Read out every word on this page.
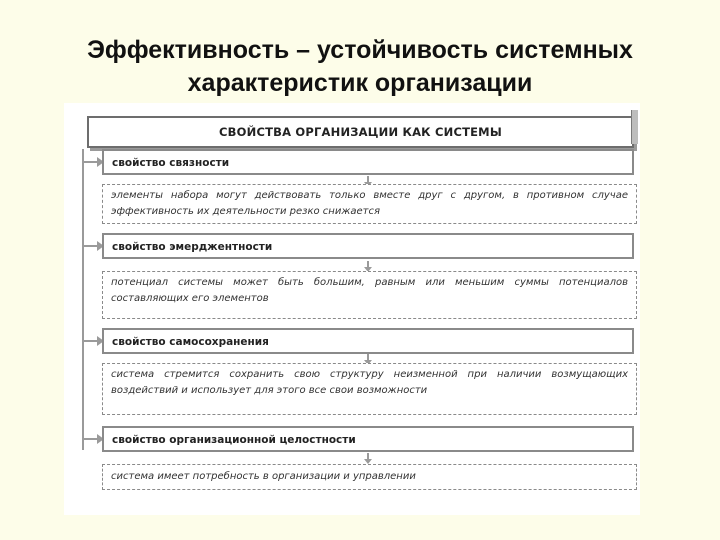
Эффективность – устойчивость системных характеристик организации
СВОЙСТВА ОРГАНИЗАЦИИ КАК СИСТЕМЫ
свойство связности
элементы набора могут действовать только вместе друг с другом, в противном случае эффективность их деятельности резко снижается
свойство эмерджентности
потенциал системы может быть большим, равным или меньшим суммы потенциалов составляющих его элементов
свойство самосохранения
система стремится сохранить свою структуру неизменной при наличии возмущающих воздействий и использует для этого все свои возможности
свойство организационной целостности
система имеет потребность в организации и управлении
